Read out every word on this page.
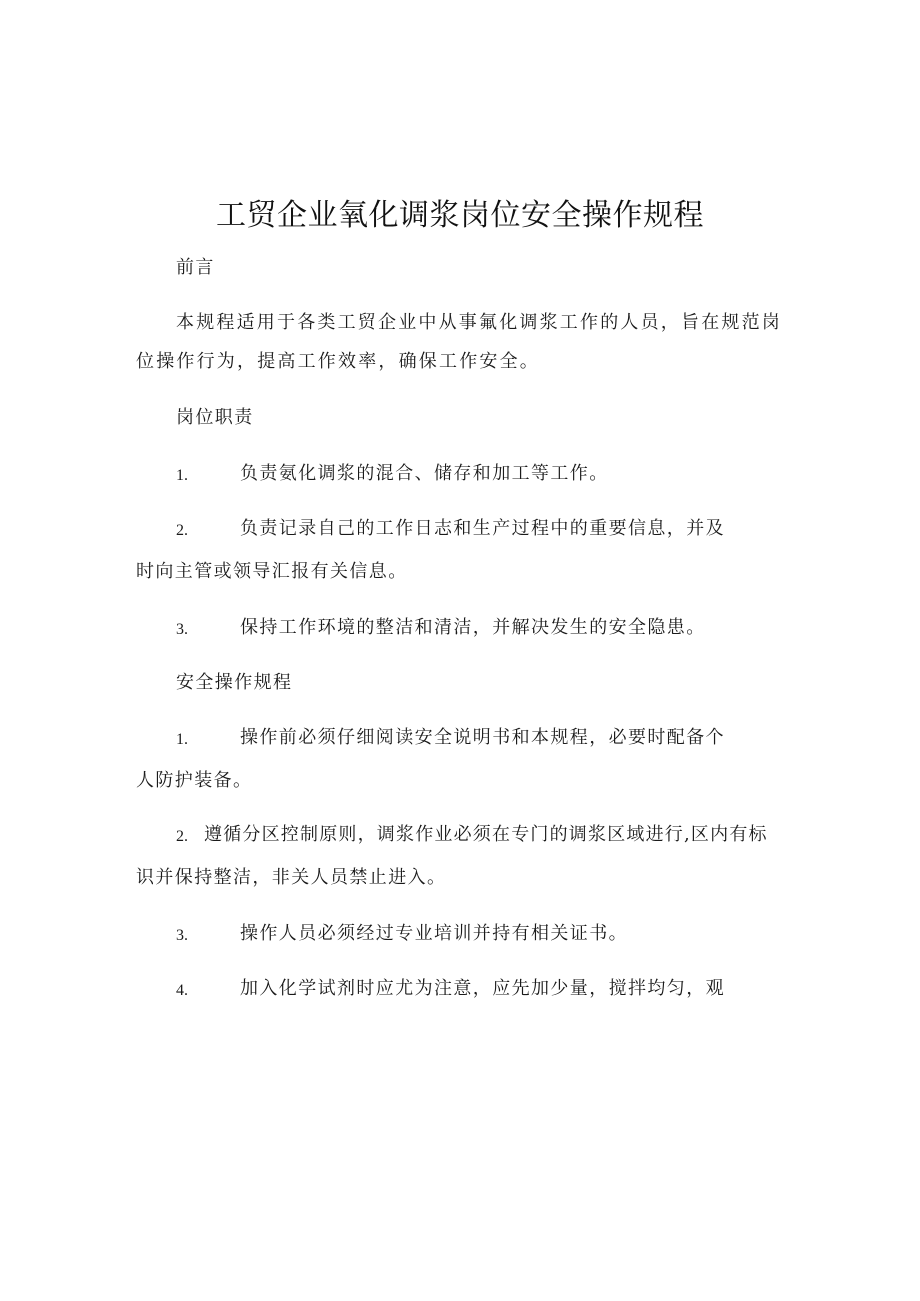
工贸企业氧化调浆岗位安全操作规程
前言
本规程适用于各类工贸企业中从事氟化调浆工作的人员，旨在规范岗
位操作行为，提高工作效率，确保工作安全。
岗位职责
1.	负责氨化调浆的混合、储存和加工等工作。
2.	负责记录自己的工作日志和生产过程中的重要信息，并及
时向主管或领导汇报有关信息。
3.	保持工作环境的整洁和清洁，并解决发生的安全隐患。
安全操作规程
1.	操作前必须仔细阅读安全说明书和本规程，必要时配备个
人防护装备。
2. 遵循分区控制原则，调浆作业必须在专门的调浆区域进行,区内有标
识并保持整洁，非关人员禁止进入。
3.	操作人员必须经过专业培训并持有相关证书。
4.	加入化学试剂时应尤为注意，应先加少量，搅拌均匀，观
